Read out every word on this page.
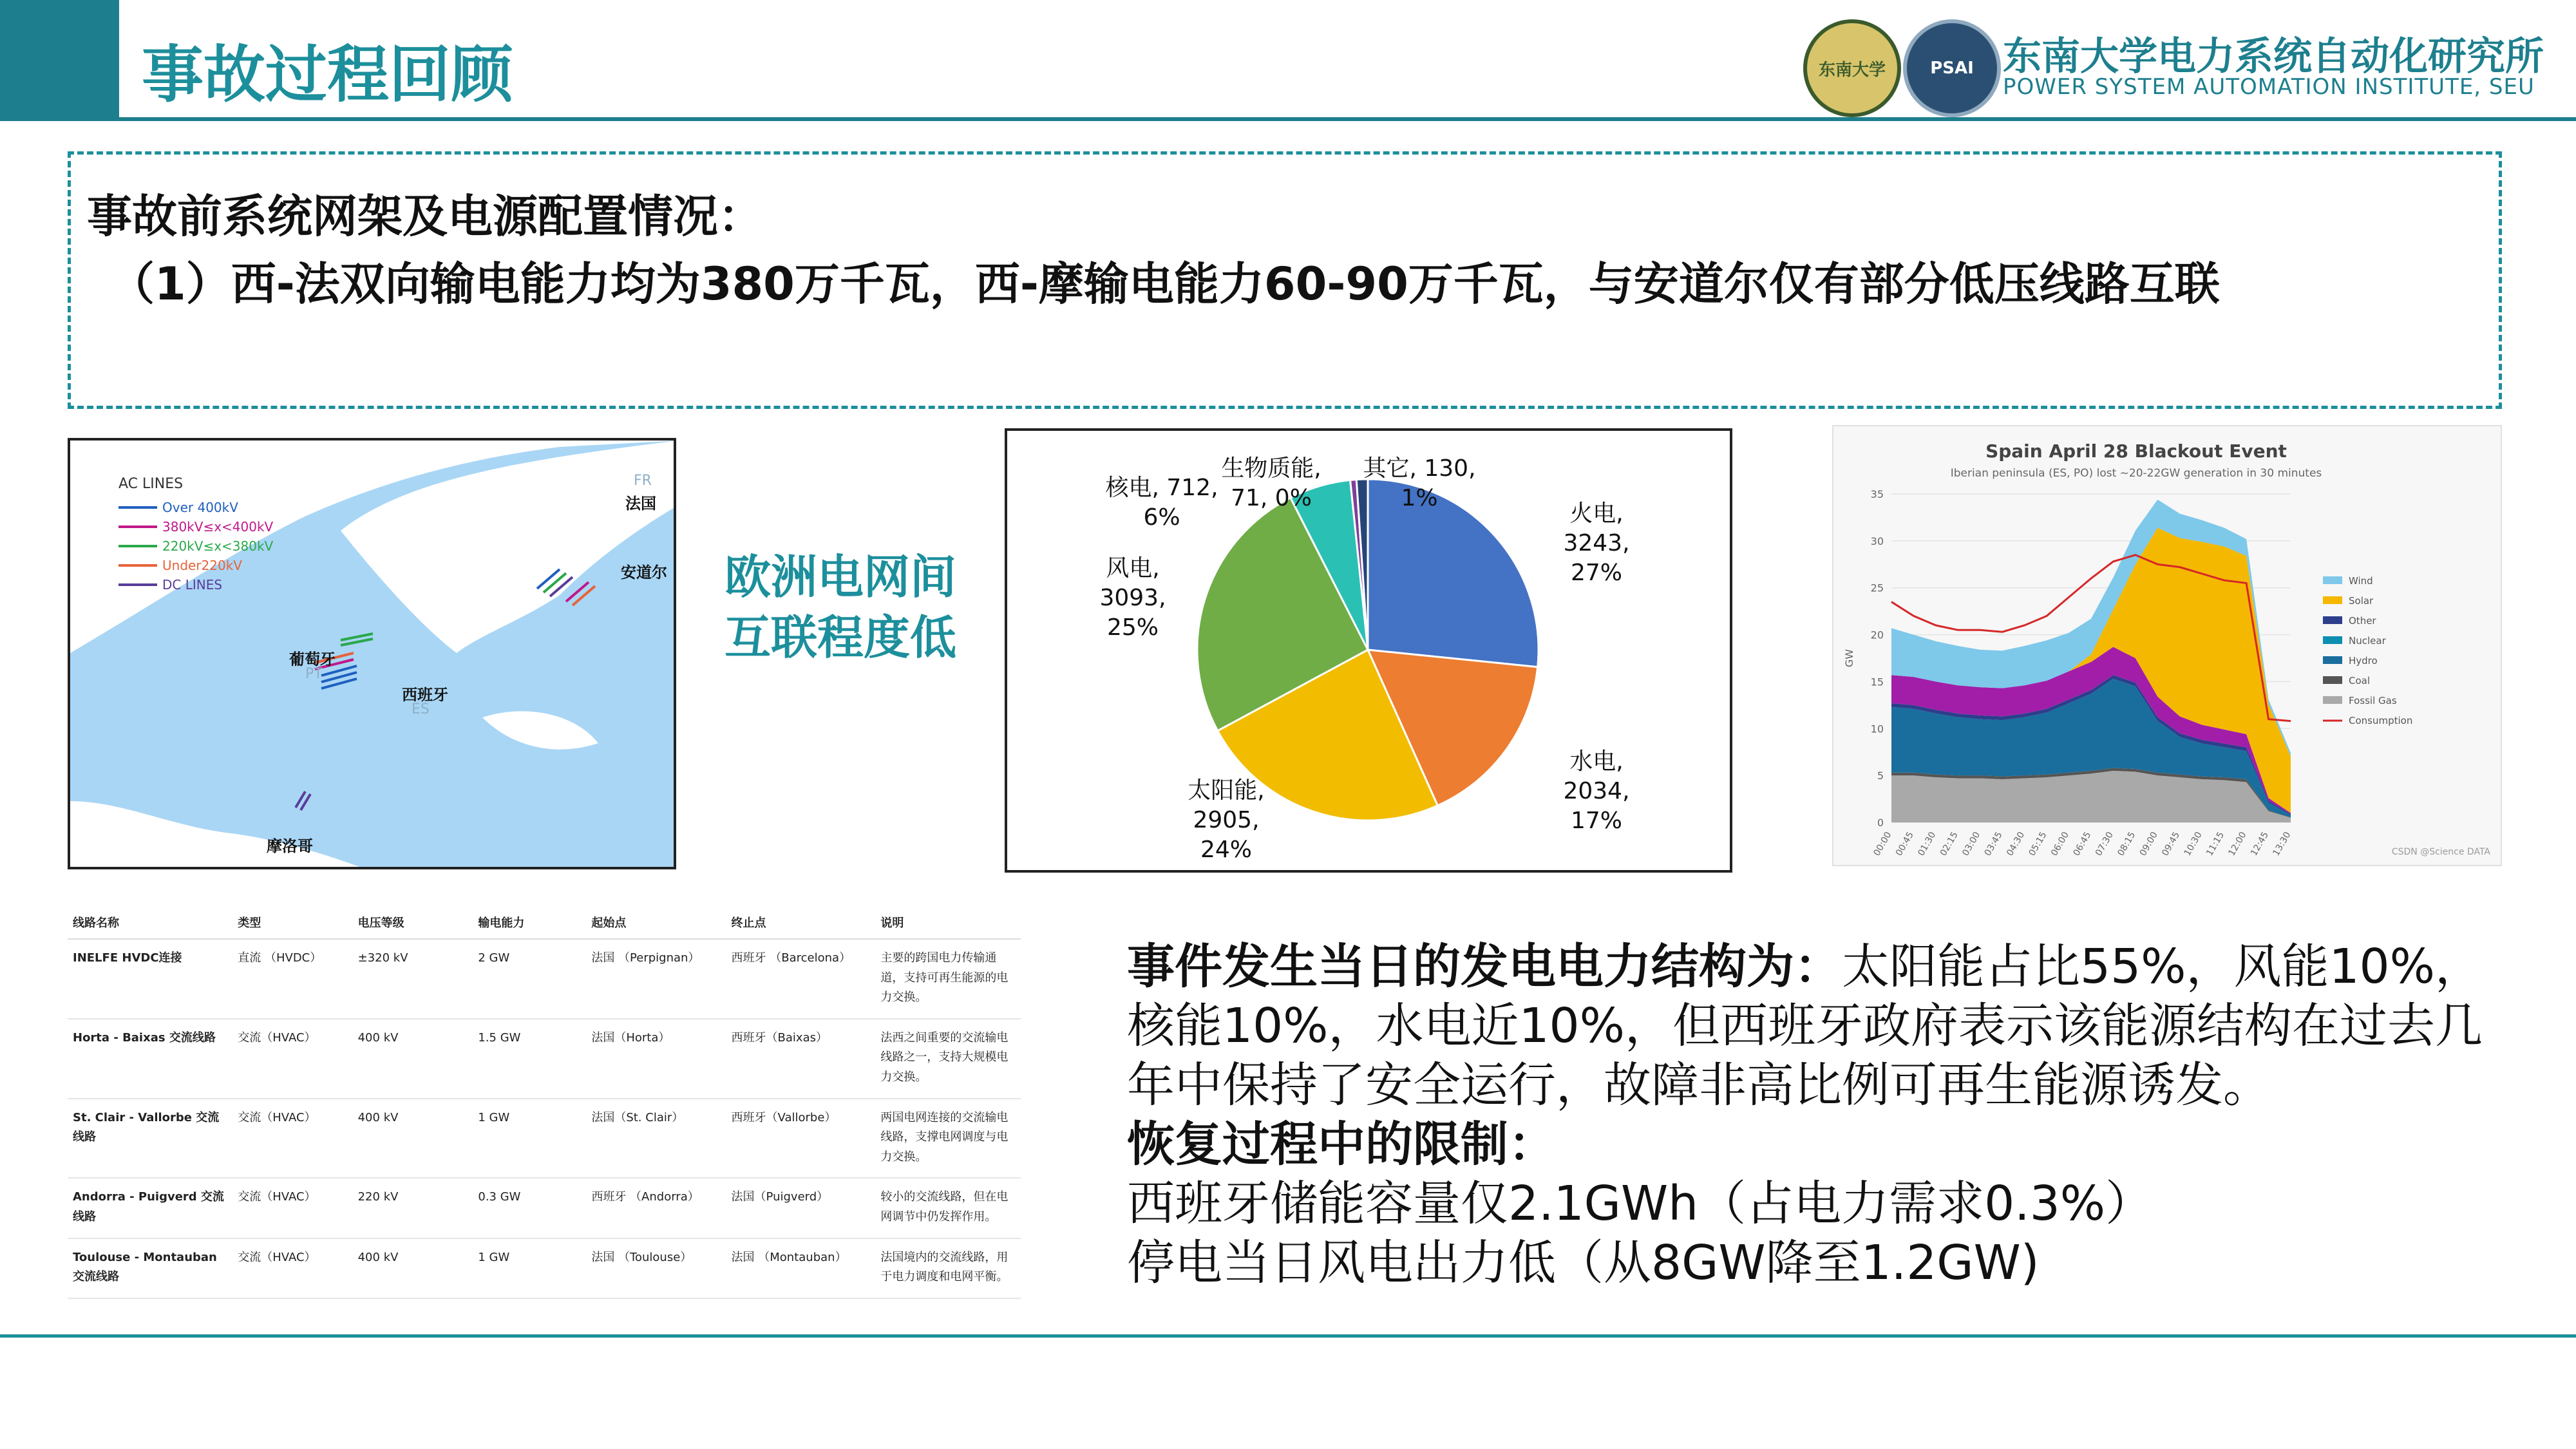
事故过程回顾	东南大学	PSAI 东南大学电力系统自动化研究所
POWER SYSTEM AUTOMATION INSTITUTE, SEU
事故前系统网架及电源配置情况：
（1）西-法双向输电能力均为380万千瓦，西-摩输电能力60-90万千瓦，与安道尔仅有部分低压线路互联
AC LINES
Over 400kV
380kV≤x<400kV
220kV≤x<380kV
Under220kV
DC LINES
FR
法国
安道尔
葡萄牙
PT
西班牙
ES
摩洛哥
欧洲电网间
互联程度低
火电, 3243, 27%
水电, 2034, 17%
太阳能, 2905, 24%
风电, 3093, 25%
核电, 712, 6%
生物质能, 71, 0%
其它, 130, 1%
Spain April 28 Blackout Event
Iberian peninsula (ES, PO) lost ~20-22GW generation in 30 minutes
0
5
10
15
20
25
30
35
GW
00:00 00:45 01:30 02:15 03:00 03:45 04:30 05:15 06:00 06:45 07:30 08:15 09:00 09:45 10:30 11:15 12:00 12:45 13:30
Wind
Solar
Other
Nuclear
Hydro
Coal
Fossil Gas
Consumption
CSDN @Science DATA
线路名称	类型	电压等级	输电能力	起始点	终止点	说明
INELFE HVDC连接	直流 （HVDC）	±320 kV	2 GW	法国 （Perpignan）	西班牙 （Barcelona）	主要的跨国电力传输通道，支持可再生能源的电力交换。
Horta - Baixas 交流线路	交流（HVAC）	400 kV	1.5 GW	法国（Horta）	西班牙（Baixas）	法西之间重要的交流输电线路之一，支持大规模电力交换。
St. Clair - Vallorbe 交流线路	交流（HVAC）	400 kV	1 GW	法国（St. Clair）	西班牙（Vallorbe）	两国电网连接的交流输电线路，支撑电网调度与电力交换。
Andorra - Puigverd 交流线路	交流（HVAC）	220 kV	0.3 GW	西班牙 （Andorra）	法国（Puigverd）	较小的交流线路，但在电网调节中仍发挥作用。
Toulouse - Montauban 交流线路	交流（HVAC）	400 kV	1 GW	法国 （Toulouse）	法国 （Montauban）	法国境内的交流线路，用于电力调度和电网平衡。
事件发生当日的发电电力结构为：太阳能占比55%，风能10%，
核能10%，水电近10%，但西班牙政府表示该能源结构在过去几
年中保持了安全运行，故障非高比例可再生能源诱发。
恢复过程中的限制：
西班牙储能容量仅2.1GWh（占电力需求0.3%）
停电当日风电出力低（从8GW降至1.2GW)
